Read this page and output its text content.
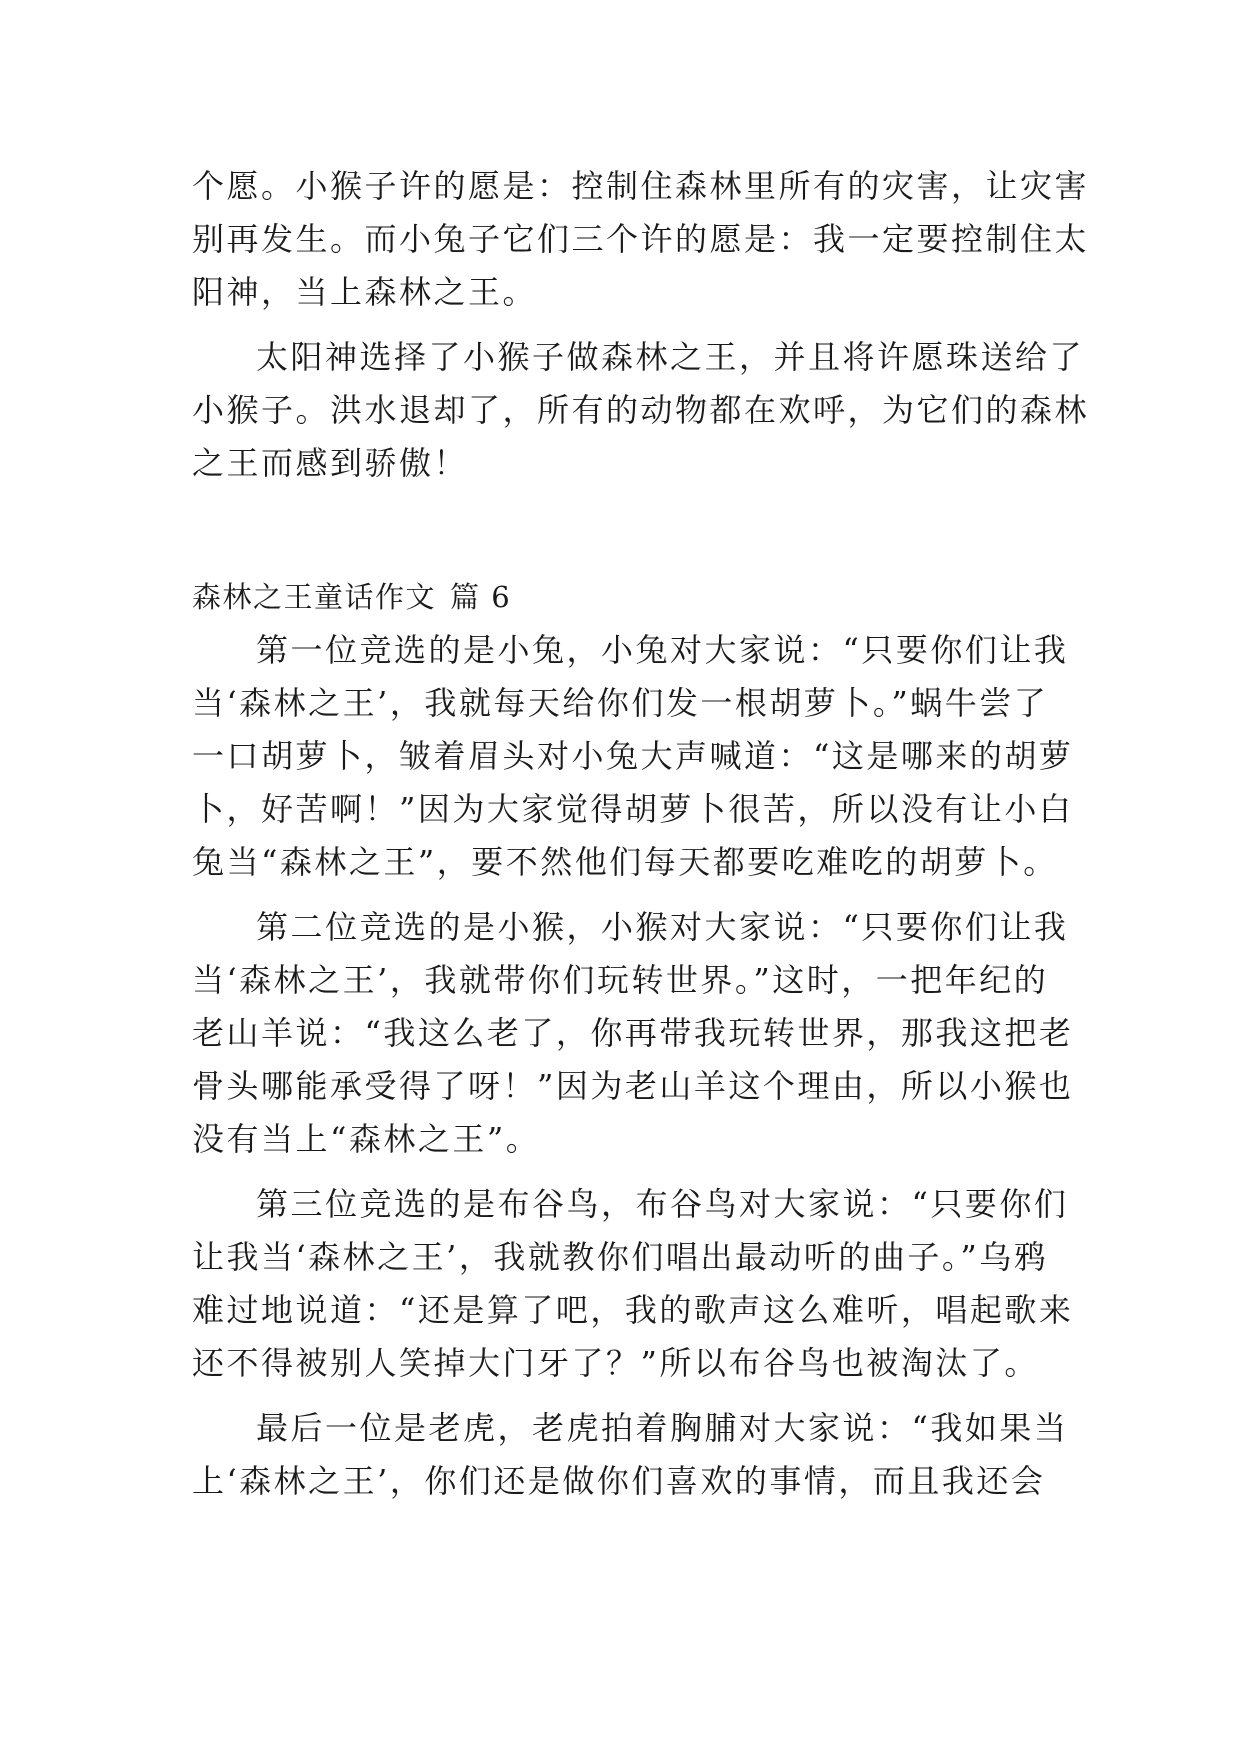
个愿。小猴子许的愿是：控制住森林里所有的灾害，让灾害
别再发生。而小兔子它们三个许的愿是：我一定要控制住太
阳神，当上森林之王。

太阳神选择了小猴子做森林之王，并且将许愿珠送给了
小猴子。洪水退却了，所有的动物都在欢呼，为它们的森林
之王而感到骄傲！

森林之王童话作文 篇 6

第一位竞选的是小兔，小兔对大家说：“只要你们让我
当‘森林之王’，我就每天给你们发一根胡萝卜。”蜗牛尝了
一口胡萝卜，皱着眉头对小兔大声喊道：“这是哪来的胡萝
卜，好苦啊！”因为大家觉得胡萝卜很苦，所以没有让小白
兔当“森林之王”，要不然他们每天都要吃难吃的胡萝卜。

第二位竞选的是小猴，小猴对大家说：“只要你们让我
当‘森林之王’，我就带你们玩转世界。”这时，一把年纪的
老山羊说：“我这么老了，你再带我玩转世界，那我这把老
骨头哪能承受得了呀！”因为老山羊这个理由，所以小猴也
没有当上“森林之王”。

第三位竞选的是布谷鸟，布谷鸟对大家说：“只要你们
让我当‘森林之王’，我就教你们唱出最动听的曲子。”乌鸦
难过地说道：“还是算了吧，我的歌声这么难听，唱起歌来
还不得被别人笑掉大门牙了？”所以布谷鸟也被淘汰了。

最后一位是老虎，老虎拍着胸脯对大家说：“我如果当
上‘森林之王’，你们还是做你们喜欢的事情，而且我还会
